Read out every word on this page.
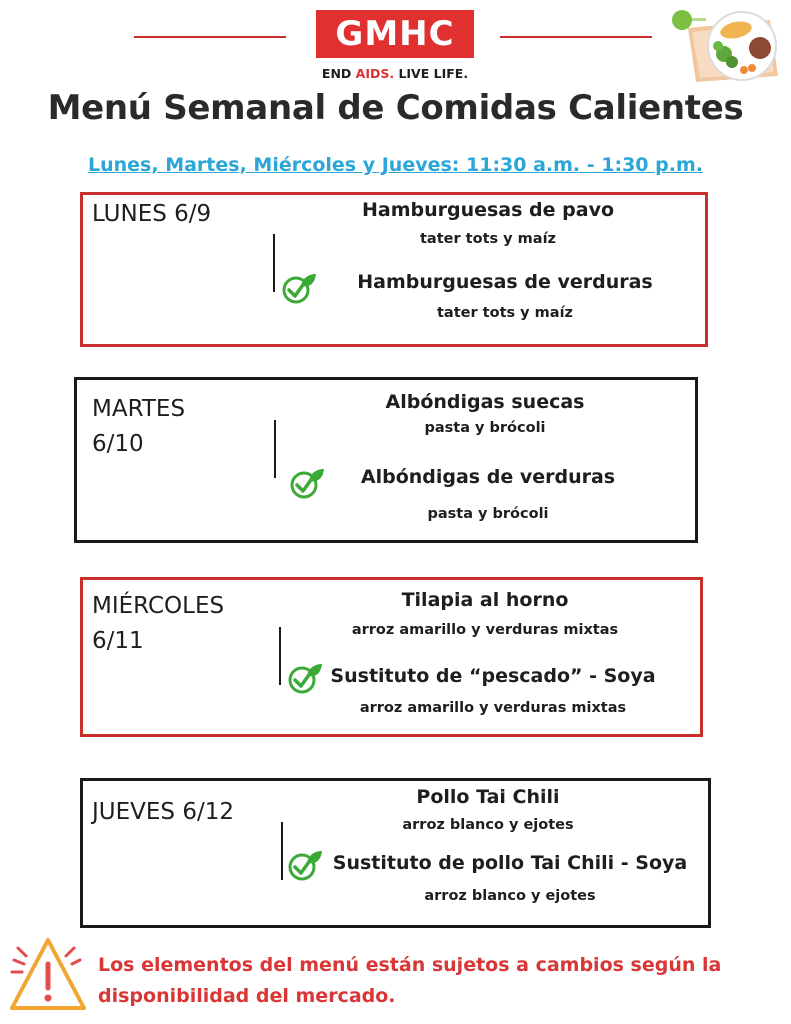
GMHC
END AIDS. LIVE LIFE.
Menú Semanal de Comidas Calientes
Lunes, Martes, Miércoles y Jueves: 11:30 a.m. - 1:30 p.m.
LUNES 6/9	Hamburguesas de pavo
tater tots y maíz
Hamburguesas de verduras
tater tots y maíz
MARTES
6/10
Albóndigas suecas
pasta y brócoli
Albóndigas de verduras
pasta y brócoli
MIÉRCOLES
6/11
Tilapia al horno
arroz amarillo y verduras mixtas
Sustituto de “pescado” - Soya
arroz amarillo y verduras mixtas
JUEVES 6/12
Pollo Tai Chili
arroz blanco y ejotes
Sustituto de pollo Tai Chili - Soya
arroz blanco y ejotes
Los elementos del menú están sujetos a cambios según la disponibilidad del mercado.
